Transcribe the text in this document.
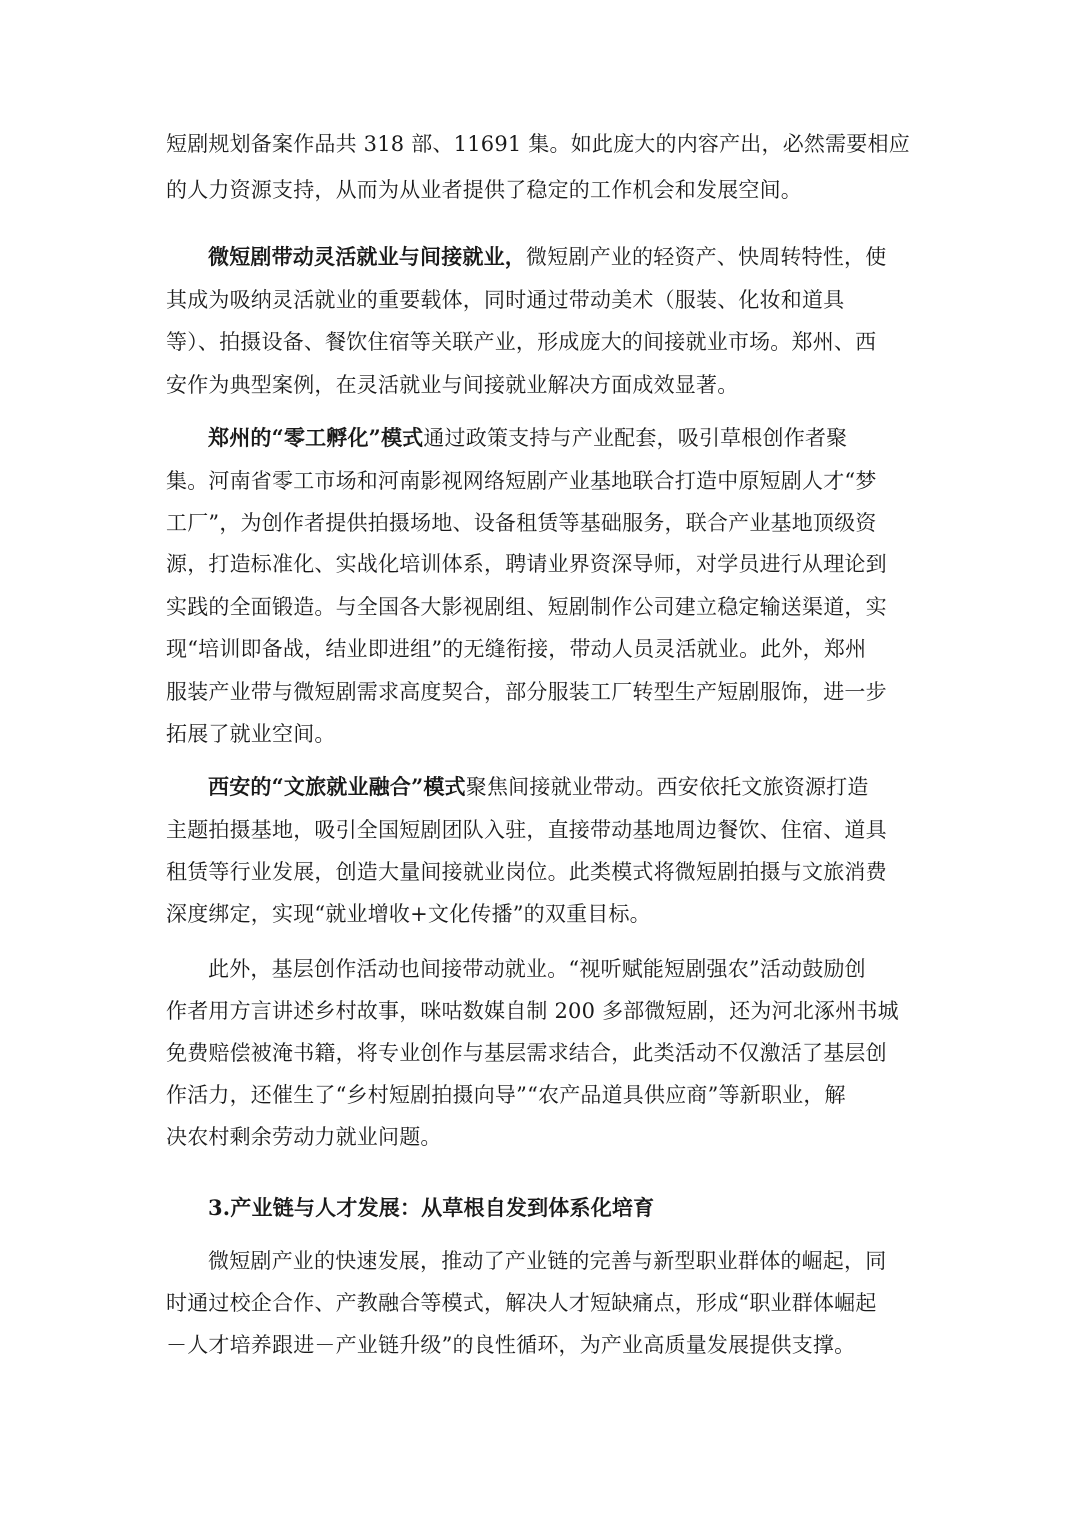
短剧规划备案作品共 318 部、11691 集。如此庞大的内容产出，必然需要相应
的人力资源支持，从而为从业者提供了稳定的工作机会和发展空间。
微短剧带动灵活就业与间接就业，微短剧产业的轻资产、快周转特性，使
其成为吸纳灵活就业的重要载体，同时通过带动美术（服装、化妆和道具
等）、拍摄设备、餐饮住宿等关联产业，形成庞大的间接就业市场。郑州、西
安作为典型案例，在灵活就业与间接就业解决方面成效显著。
郑州的“零工孵化”模式通过政策支持与产业配套，吸引草根创作者聚
集。河南省零工市场和河南影视网络短剧产业基地联合打造中原短剧人才“梦
工厂”，为创作者提供拍摄场地、设备租赁等基础服务，联合产业基地顶级资
源，打造标准化、实战化培训体系，聘请业界资深导师，对学员进行从理论到
实践的全面锻造。与全国各大影视剧组、短剧制作公司建立稳定输送渠道，实
现“培训即备战，结业即进组”的无缝衔接，带动人员灵活就业。此外，郑州
服装产业带与微短剧需求高度契合，部分服装工厂转型生产短剧服饰，进一步
拓展了就业空间。
西安的“文旅就业融合”模式聚焦间接就业带动。西安依托文旅资源打造
主题拍摄基地，吸引全国短剧团队入驻，直接带动基地周边餐饮、住宿、道具
租赁等行业发展，创造大量间接就业岗位。此类模式将微短剧拍摄与文旅消费
深度绑定，实现“就业增收+文化传播”的双重目标。
此外，基层创作活动也间接带动就业。“视听赋能短剧强农”活动鼓励创
作者用方言讲述乡村故事，咪咕数媒自制 200 多部微短剧，还为河北涿州书城
免费赔偿被淹书籍，将专业创作与基层需求结合，此类活动不仅激活了基层创
作活力，还催生了“乡村短剧拍摄向导”“农产品道具供应商”等新职业，解
决农村剩余劳动力就业问题。
3.产业链与人才发展：从草根自发到体系化培育
微短剧产业的快速发展，推动了产业链的完善与新型职业群体的崛起，同
时通过校企合作、产教融合等模式，解决人才短缺痛点，形成“职业群体崛起
－人才培养跟进－产业链升级”的良性循环，为产业高质量发展提供支撑。
